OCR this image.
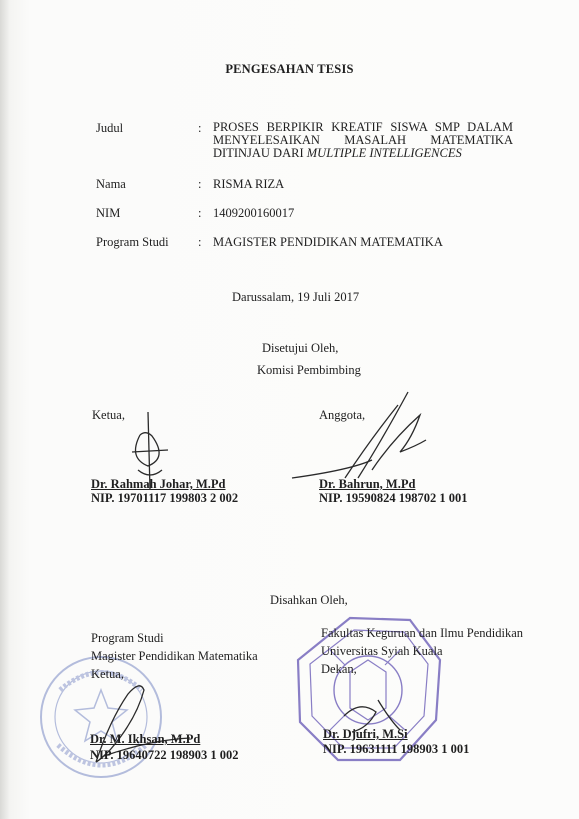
PENGESAHAN TESIS
Judul	: PROSES BERPIKIR KREATIF SISWA SMP DALAM
MENYELESAIKAN MASALAH MATEMATIKA
DITINJAU DARI MULTIPLE INTELLIGENCES
Nama	: RISMA RIZA
NIM	: 1409200160017
Program Studi : MAGISTER PENDIDIKAN MATEMATIKA
Darussalam, 19 Juli 2017
Disetujui Oleh,
Komisi Pembimbing
Ketua,	Anggota,
Dr. Rahmah Johar, M.Pd
NIP. 19701117 199803 2 002
Dr. Bahrun, M.Pd
NIP. 19590824 198702 1 001
Disahkan Oleh,
Program Studi
Magister Pendidikan Matematika
Ketua,
Dr. M. Ikhsan, M.Pd
NIP. 19640722 198903 1 002
Fakultas Keguruan dan Ilmu Pendidikan
Universitas Syiah Kuala
Dekan,
Dr. Djufri, M.Si
NIP. 19631111 198903 1 001
